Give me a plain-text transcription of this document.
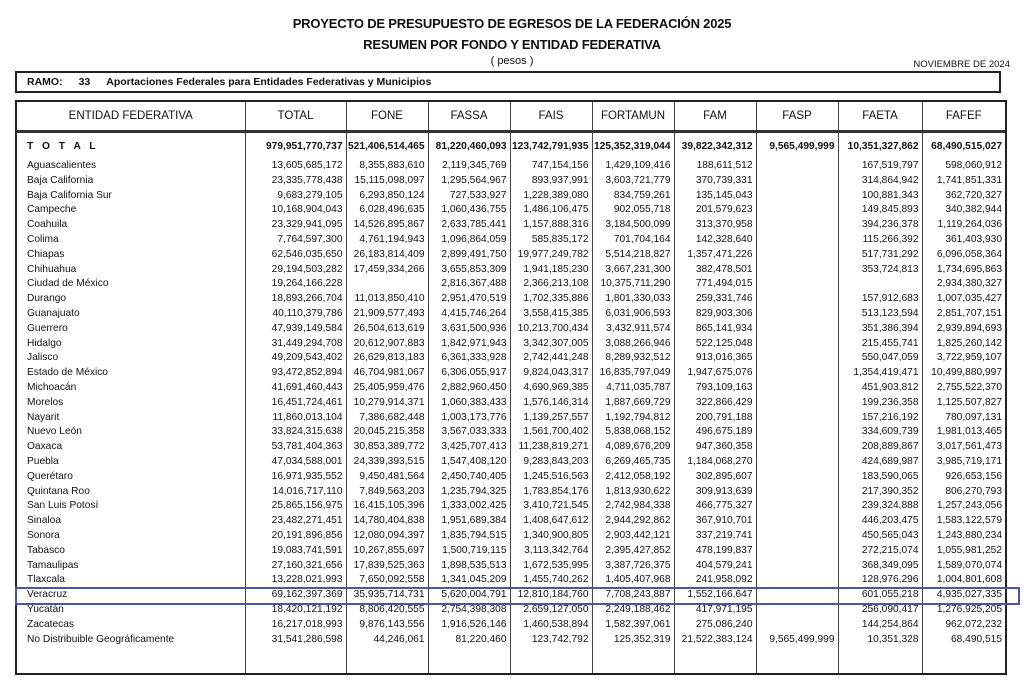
PROYECTO DE PRESUPUESTO DE EGRESOS DE LA FEDERACIÓN 2025
RESUMEN POR FONDO Y ENTIDAD FEDERATIVA
( pesos )	NOVIEMBRE DE 2024
RAMO: 33 Aportaciones Federales para Entidades Federativas y Municipios
ENTIDAD FEDERATIVA	TOTAL	FONE	FASSA	FAIS	FORTAMUN	FAM	FASP	FAETA	FAFEF
T O T A L	979,951,770,737	521,406,514,465	81,220,460,093	123,742,791,935	125,352,319,044	39,822,342,312	9,565,499,999	10,351,327,862	68,490,515,027
Aguascalientes	13,605,685,172	8,355,883,610	2,119,345,769	747,154,156	1,429,109,416	188,611,512		167,519,797	598,060,912
Baja California	23,335,778,438	15,115,098,097	1,295,564,967	893,937,991	3,603,721,779	370,739,331		314,864,942	1,741,851,331
Baja California Sur	9,683,279,105	6,293,850,124	727,533,927	1,228,389,080	834,759,261	135,145,043		100,881,343	362,720,327
Campeche	10,168,904,043	6,028,496,635	1,060,436,755	1,486,106,475	902,055,718	201,579,623		149,845,893	340,382,944
Coahuila	23,329,941,095	14,526,895,867	2,633,785,441	1,157,888,316	3,184,500,099	313,370,958		394,236,378	1,119,264,036
Colima	7,764,597,300	4,761,194,943	1,096,864,059	585,835,172	701,704,164	142,328,640		115,266,392	361,403,930
Chiapas	62,546,035,650	26,183,814,409	2,899,491,750	19,977,249,782	5,514,218,827	1,357,471,226		517,731,292	6,096,058,364
Chihuahua	29,194,503,282	17,459,334,266	3,655,853,309	1,941,185,230	3,667,231,300	382,478,501		353,724,813	1,734,695,863
Ciudad de México	19,264,166,228		2,816,367,488	2,366,213,108	10,375,711,290	771,494,015			2,934,380,327
Durango	18,893,266,704	11,013,850,410	2,951,470,519	1,702,335,886	1,801,330,033	259,331,746		157,912,683	1,007,035,427
Guanajuato	40,110,379,786	21,909,577,493	4,415,746,264	3,558,415,385	6,031,906,593	829,903,306		513,123,594	2,851,707,151
Guerrero	47,939,149,584	26,504,613,619	3,631,500,936	10,213,700,434	3,432,911,574	865,141,934		351,386,394	2,939,894,693
Hidalgo	31,449,294,708	20,612,907,883	1,842,971,943	3,342,307,005	3,088,266,946	522,125,048		215,455,741	1,825,260,142
Jalisco	49,209,543,402	26,629,813,183	6,361,333,928	2,742,441,248	8,289,932,512	913,016,365		550,047,059	3,722,959,107
Estado de México	93,472,852,894	46,704,981,067	6,306,055,917	9,824,043,317	16,835,797,049	1,947,675,076		1,354,419,471	10,499,880,997
Michoacán	41,691,460,443	25,405,959,476	2,882,960,450	4,690,969,385	4,711,035,787	793,109,163		451,903,812	2,755,522,370
Morelos	16,451,724,461	10,279,914,371	1,060,383,433	1,576,146,314	1,887,669,729	322,866,429		199,236,358	1,125,507,827
Nayarit	11,860,013,104	7,386,682,448	1,003,173,776	1,139,257,557	1,192,794,812	200,791,188		157,216,192	780,097,131
Nuevo León	33,824,315,638	20,045,215,358	3,567,033,333	1,561,700,402	5,838,068,152	496,675,189		334,609,739	1,981,013,465
Oaxaca	53,781,404,363	30,853,389,772	3,425,707,413	11,238,819,271	4,089,676,209	947,360,358		208,889,867	3,017,561,473
Puebla	47,034,588,001	24,339,393,515	1,547,408,120	9,283,843,203	6,269,465,735	1,184,068,270		424,689,987	3,985,719,171
Querétaro	16,971,935,552	9,450,481,564	2,450,740,405	1,245,516,563	2,412,058,192	302,895,607		183,590,065	926,653,156
Quintana Roo	14,016,717,110	7,849,563,203	1,235,794,325	1,783,854,176	1,813,930,622	309,913,639		217,390,352	806,270,793
San Luis Potosí	25,865,156,975	16,415,105,396	1,333,002,425	3,410,721,545	2,742,984,338	466,775,327		239,324,888	1,257,243,056
Sinaloa	23,482,271,451	14,780,404,838	1,951,689,384	1,408,647,612	2,944,292,862	367,910,701		446,203,475	1,583,122,579
Sonora	20,191,896,856	12,080,094,397	1,835,794,515	1,340,900,805	2,903,442,121	337,219,741		450,565,043	1,243,880,234
Tabasco	19,083,741,591	10,267,855,697	1,500,719,115	3,113,342,764	2,395,427,852	478,199,837		272,215,074	1,055,981,252
Tamaulipas	27,160,321,656	17,839,525,363	1,898,535,513	1,672,535,995	3,387,726,375	404,579,241		368,349,095	1,589,070,074
Tlaxcala	13,228,021,993	7,650,092,558	1,341,045,209	1,455,740,262	1,405,407,968	241,958,092		128,976,296	1,004,801,608
Veracruz	69,162,397,369	35,935,714,731	5,620,004,791	12,810,184,760	7,708,243,887	1,552,166,647		601,055,218	4,935,027,335
Yucatán	18,420,121,192	8,806,420,555	2,754,398,308	2,659,127,050	2,249,188,462	417,971,195		256,090,417	1,276,925,205
Zacatecas	16,217,018,993	9,876,143,556	1,916,526,146	1,460,538,894	1,582,397,061	275,086,240		144,254,864	962,072,232
No Distribuible Geográficamente	31,541,286,598	44,246,061	81,220,460	123,742,792	125,352,319	21,522,383,124	9,565,499,999	10,351,328	68,490,515
